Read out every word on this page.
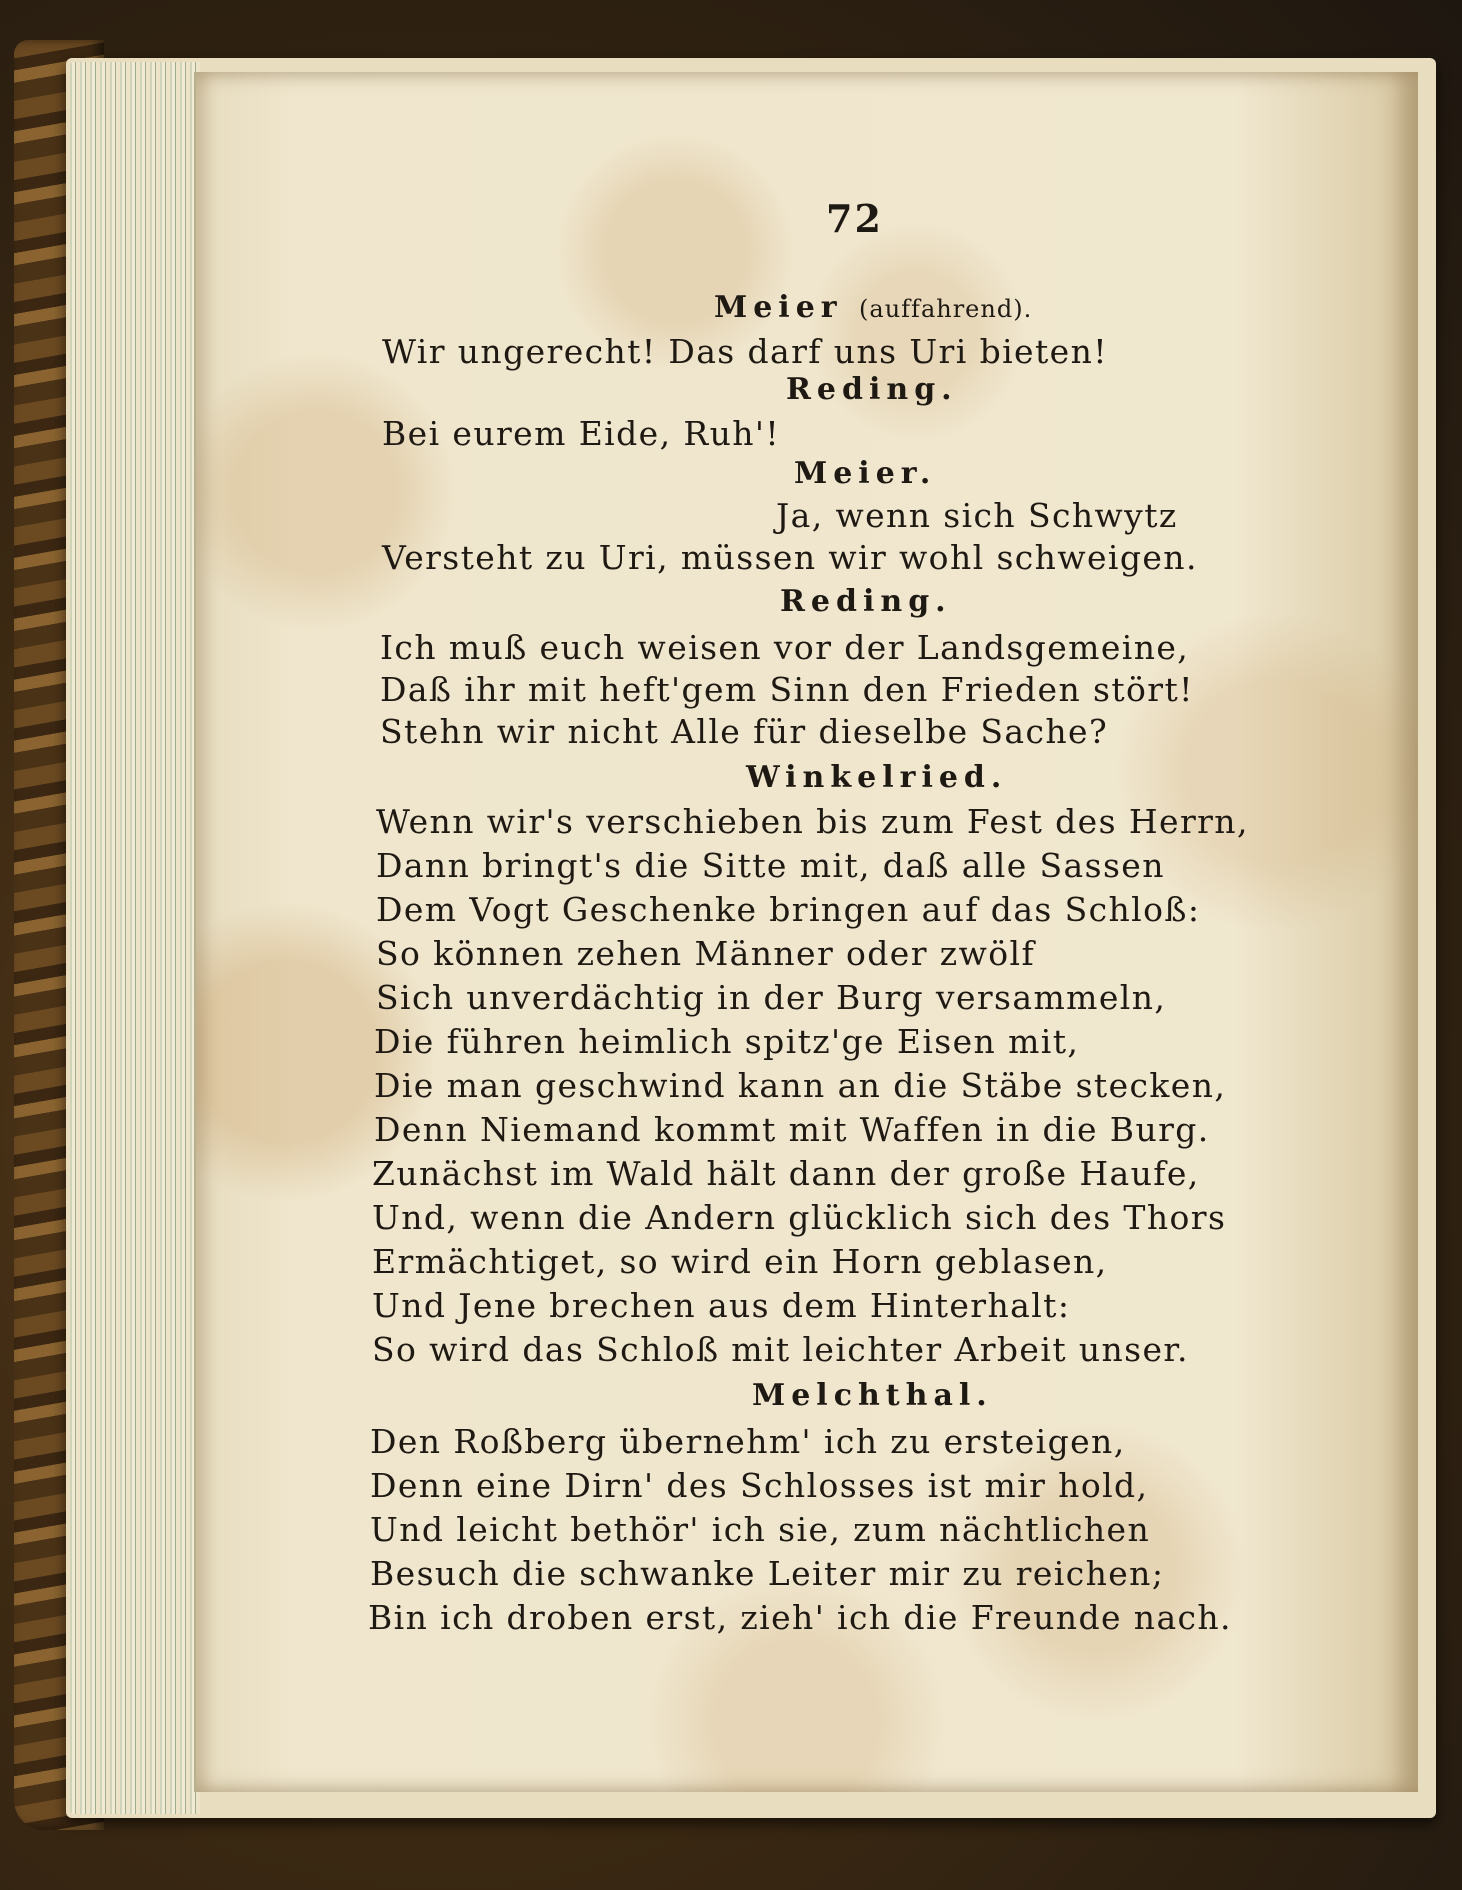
72
Meier (auffahrend).
Wir ungerecht! Das darf uns Uri bieten!
Reding.
Bei eurem Eide, Ruh'!
Meier.
Ja, wenn sich Schwytz
Versteht zu Uri, müssen wir wohl schweigen.
Reding.
Ich muß euch weisen vor der Landsgemeine,
Daß ihr mit heft'gem Sinn den Frieden stört!
Stehn wir nicht Alle für dieselbe Sache?
Winkelried.
Wenn wir's verschieben bis zum Fest des Herrn,
Dann bringt's die Sitte mit, daß alle Sassen
Dem Vogt Geschenke bringen auf das Schloß:
So können zehen Männer oder zwölf
Sich unverdächtig in der Burg versammeln,
Die führen heimlich spitz'ge Eisen mit,
Die man geschwind kann an die Stäbe stecken,
Denn Niemand kommt mit Waffen in die Burg.
Zunächst im Wald hält dann der große Haufe,
Und, wenn die Andern glücklich sich des Thors
Ermächtiget, so wird ein Horn geblasen,
Und Jene brechen aus dem Hinterhalt:
So wird das Schloß mit leichter Arbeit unser.
Melchthal.
Den Roßberg übernehm' ich zu ersteigen,
Denn eine Dirn' des Schlosses ist mir hold,
Und leicht bethör' ich sie, zum nächtlichen
Besuch die schwanke Leiter mir zu reichen;
Bin ich droben erst, zieh' ich die Freunde nach.
